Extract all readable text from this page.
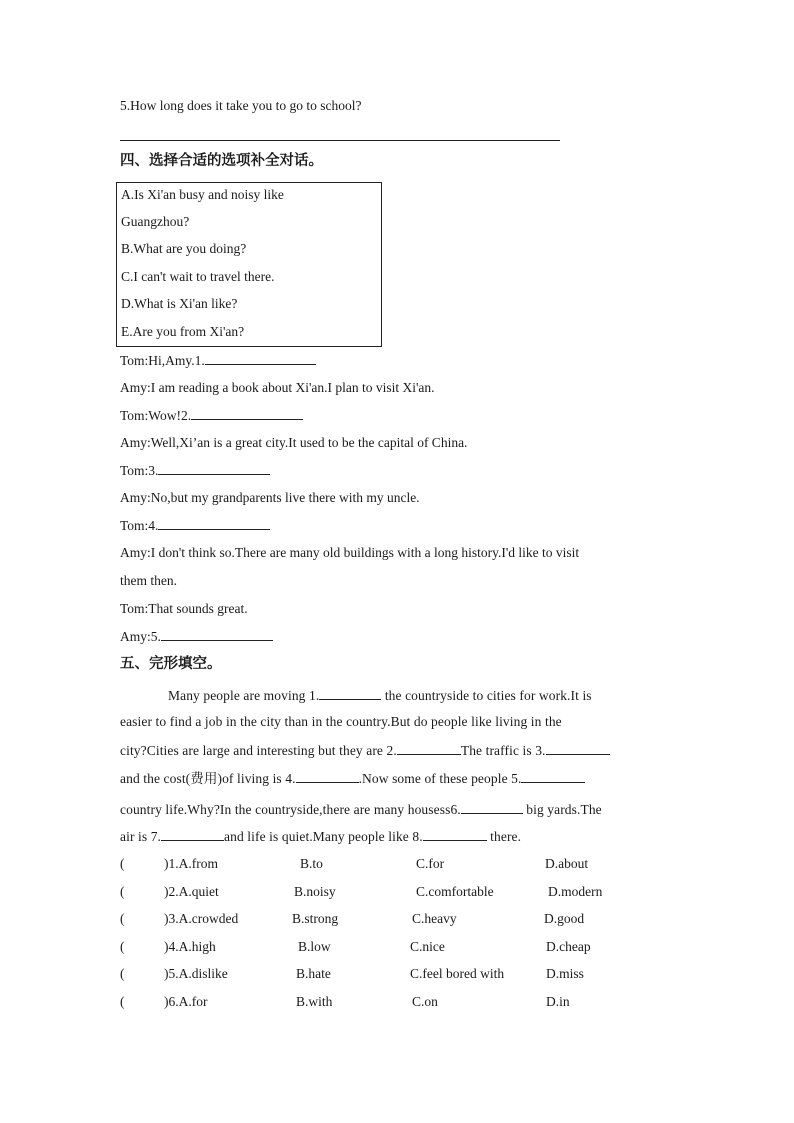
5.How long does it take you to go to school?
四、选择合适的选项补全对话。
A.Is Xi'an busy and noisy like
Guangzhou?
B.What are you doing?
C.I can't wait to travel there.
D.What is Xi'an like?
E.Are you from Xi'an?
Tom:Hi,Amy.1.
Amy:I am reading a book about Xi'an.I plan to visit Xi'an.
Tom:Wow!2.
Amy:Well,Xi’an is a great city.It used to be the capital of China.
Tom:3.
Amy:No,but my grandparents live there with my uncle.
Tom:4.
Amy:I don't think so.There are many old buildings with a long history.I'd like to visit
them then.
Tom:That sounds great.
Amy:5.
五、完形填空。
Many people are moving 1.	the countryside to cities for work.It is
easier to find a job in the city than in the country.But do people like living in the
city?Cities are large and interesting but they are 2.	The traffic is 3.
and the cost(费用)of living is 4.	.Now some of these people 5.
country life.Why?In the countryside,there are many housess6.	big yards.The
air is 7.	and life is quiet.Many people like 8.	there.
(	)1.A.from	B.to	C.for	D.about
(	)2.A.quiet	B.noisy	C.comfortable	D.modern
(	)3.A.crowded	B.strong	C.heavy	D.good
(	)4.A.high	B.low	C.nice	D.cheap
(	)5.A.dislike	B.hate	C.feel bored with	D.miss
(	)6.A.for	B.with	C.on	D.in
